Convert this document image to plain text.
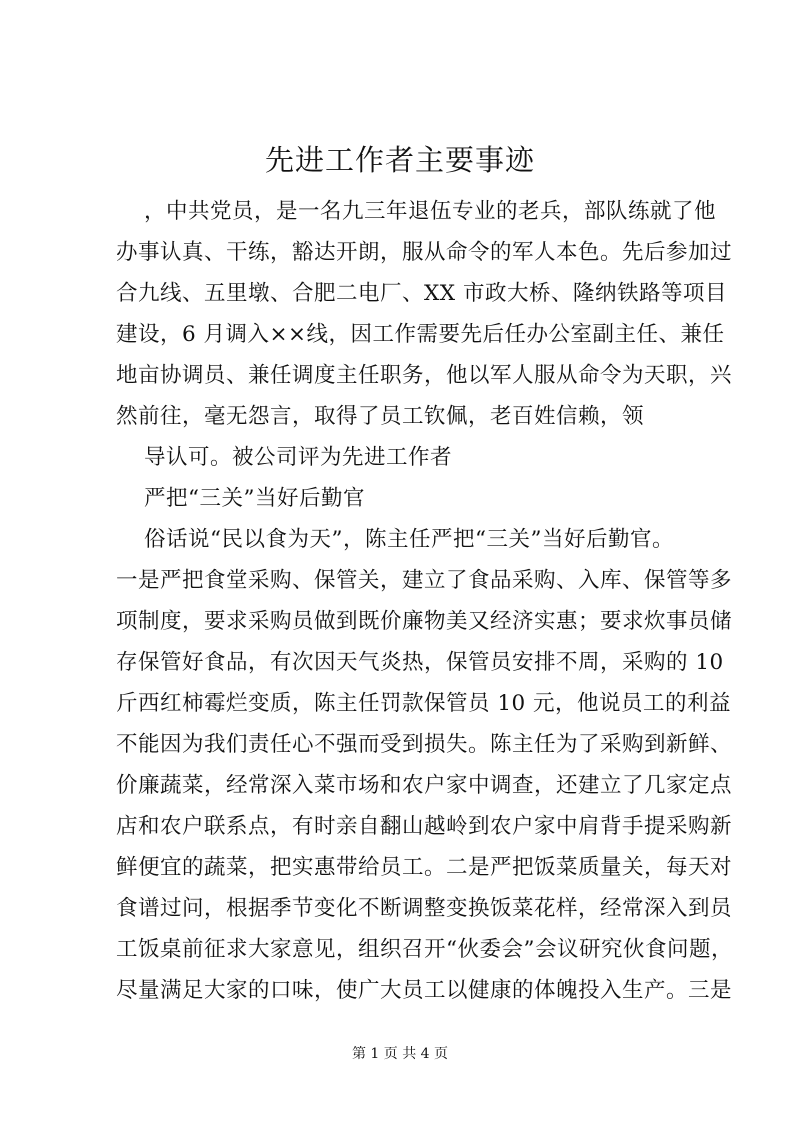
先进工作者主要事迹
，中共党员，是一名九三年退伍专业的老兵，部队练就了他
办事认真、干练，豁达开朗，服从命令的军人本色。先后参加过
合九线、五里墩、合肥二电厂、XX 市政大桥、隆纳铁路等项目
建设，6 月调入××线，因工作需要先后任办公室副主任、兼任
地亩协调员、兼任调度主任职务，他以军人服从命令为天职，兴
然前往，毫无怨言，取得了员工钦佩，老百姓信赖，领
导认可。被公司评为先进工作者
严把“三关”当好后勤官
俗话说“民以食为天”，陈主任严把“三关”当好后勤官。
一是严把食堂采购、保管关，建立了食品采购、入库、保管等多
项制度，要求采购员做到既价廉物美又经济实惠；要求炊事员储
存保管好食品，有次因天气炎热，保管员安排不周，采购的 10
斤西红柿霉烂变质，陈主任罚款保管员 10 元，他说员工的利益
不能因为我们责任心不强而受到损失。陈主任为了采购到新鲜、
价廉蔬菜，经常深入菜市场和农户家中调查，还建立了几家定点
店和农户联系点，有时亲自翻山越岭到农户家中肩背手提采购新
鲜便宜的蔬菜，把实惠带给员工。二是严把饭菜质量关，每天对
食谱过问，根据季节变化不断调整变换饭菜花样，经常深入到员
工饭桌前征求大家意见，组织召开“伙委会”会议研究伙食问题，
尽量满足大家的口味，使广大员工以健康的体魄投入生产。三是
第 1 页 共 4 页
